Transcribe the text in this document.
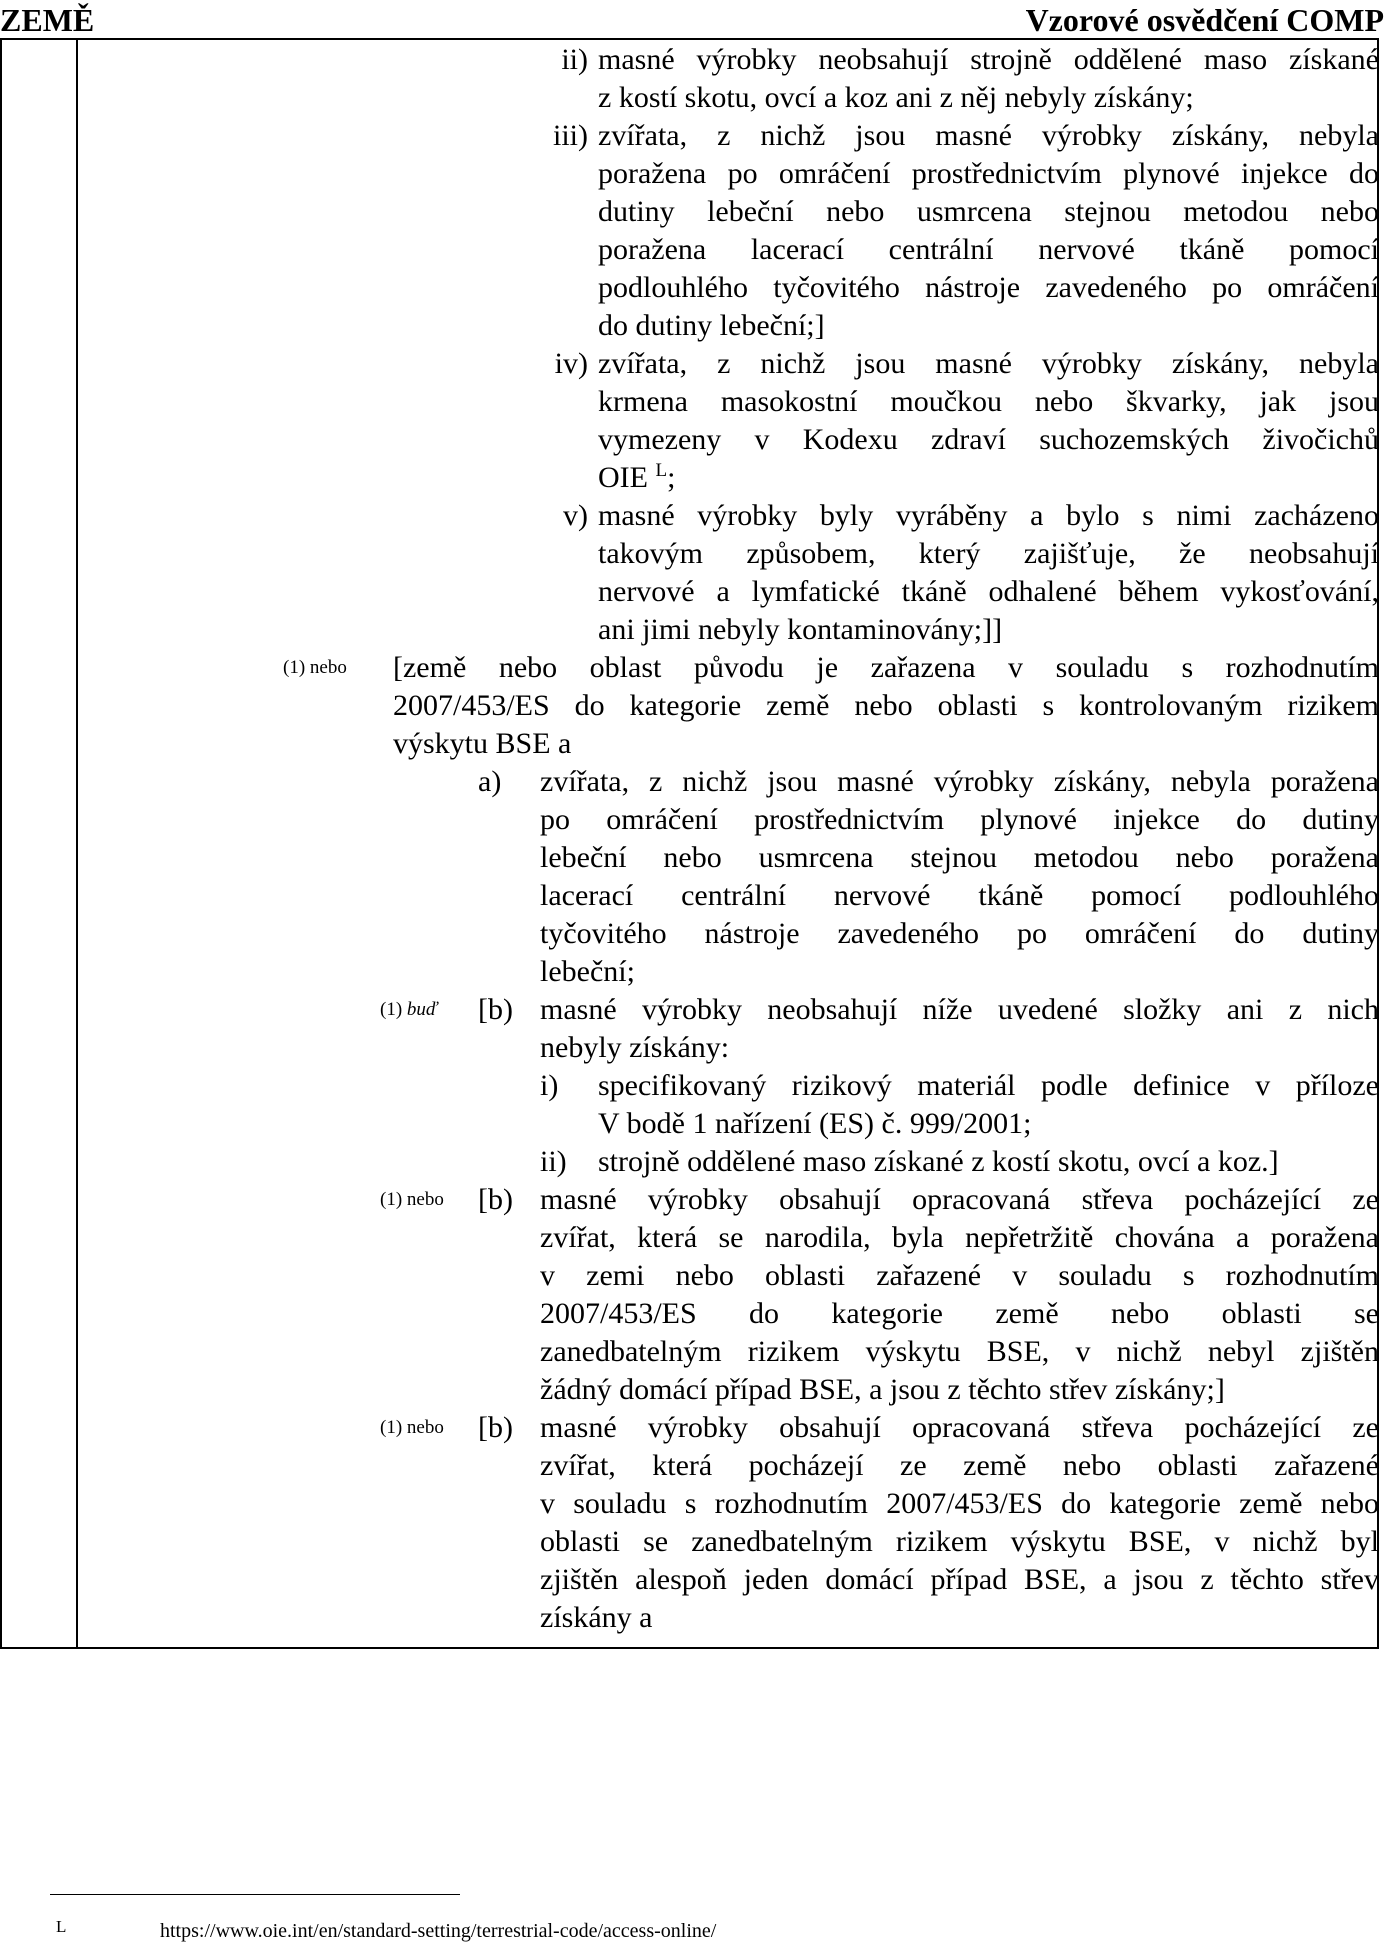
ZEMĚ	Vzorové osvědčení COMP
ii) masné výrobky neobsahují strojně oddělené maso získané
z kostí skotu, ovcí a koz ani z něj nebyly získány;
iii) zvířata, z nichž jsou masné výrobky získány, nebyla
poražena po omráčení prostřednictvím plynové injekce do
dutiny lebeční nebo usmrcena stejnou metodou nebo
poražena lacerací centrální nervové tkáně pomocí
podlouhlého tyčovitého nástroje zavedeného po omráčení
do dutiny lebeční;]
iv) zvířata, z nichž jsou masné výrobky získány, nebyla
krmena masokostní moučkou nebo škvarky, jak jsou
vymezeny v Kodexu zdraví suchozemských živočichů
OIE $^L$;
v) masné výrobky byly vyráběny a bylo s nimi zacházeno
takovým způsobem, který zajišťuje, že neobsahují
nervové a lymfatické tkáně odhalené během vykosťování,
ani jimi nebyly kontaminovány;]]
(1) nebo [země nebo oblast původu je zařazena v souladu s rozhodnutím
2007/453/ES do kategorie země nebo oblasti s kontrolovaným rizikem
výskytu BSE a
a)	zvířata, z nichž jsou masné výrobky získány, nebyla poražena
po omráčení prostřednictvím plynové injekce do dutiny
lebeční nebo usmrcena stejnou metodou nebo poražena
lacerací centrální nervové tkáně pomocí podlouhlého
tyčovitého nástroje zavedeného po omráčení do dutiny
lebeční;
(1) buď [b) masné výrobky neobsahují níže uvedené složky ani z nich
nebyly získány:
i)	specifikovaný rizikový materiál podle definice v příloze
V bodě 1 nařízení (ES) č. 999/2001;
ii)	strojně oddělené maso získané z kostí skotu, ovcí a koz.]
(1) nebo [b) masné výrobky obsahují opracovaná střeva pocházející ze
zvířat, která se narodila, byla nepřetržitě chována a poražena
v zemi nebo oblasti zařazené v souladu s rozhodnutím
2007/453/ES do kategorie země nebo oblasti se
zanedbatelným rizikem výskytu BSE, v nichž nebyl zjištěn
žádný domácí případ BSE, a jsou z těchto střev získány;]
(1) nebo [b) masné výrobky obsahují opracovaná střeva pocházející ze
zvířat, která pocházejí ze země nebo oblasti zařazené
v souladu s rozhodnutím 2007/453/ES do kategorie země nebo
oblasti se zanedbatelným rizikem výskytu BSE, v nichž byl
zjištěn alespoň jeden domácí případ BSE, a jsou z těchto střev
získány a
L	https://www.oie.int/en/standard-setting/terrestrial-code/access-online/
